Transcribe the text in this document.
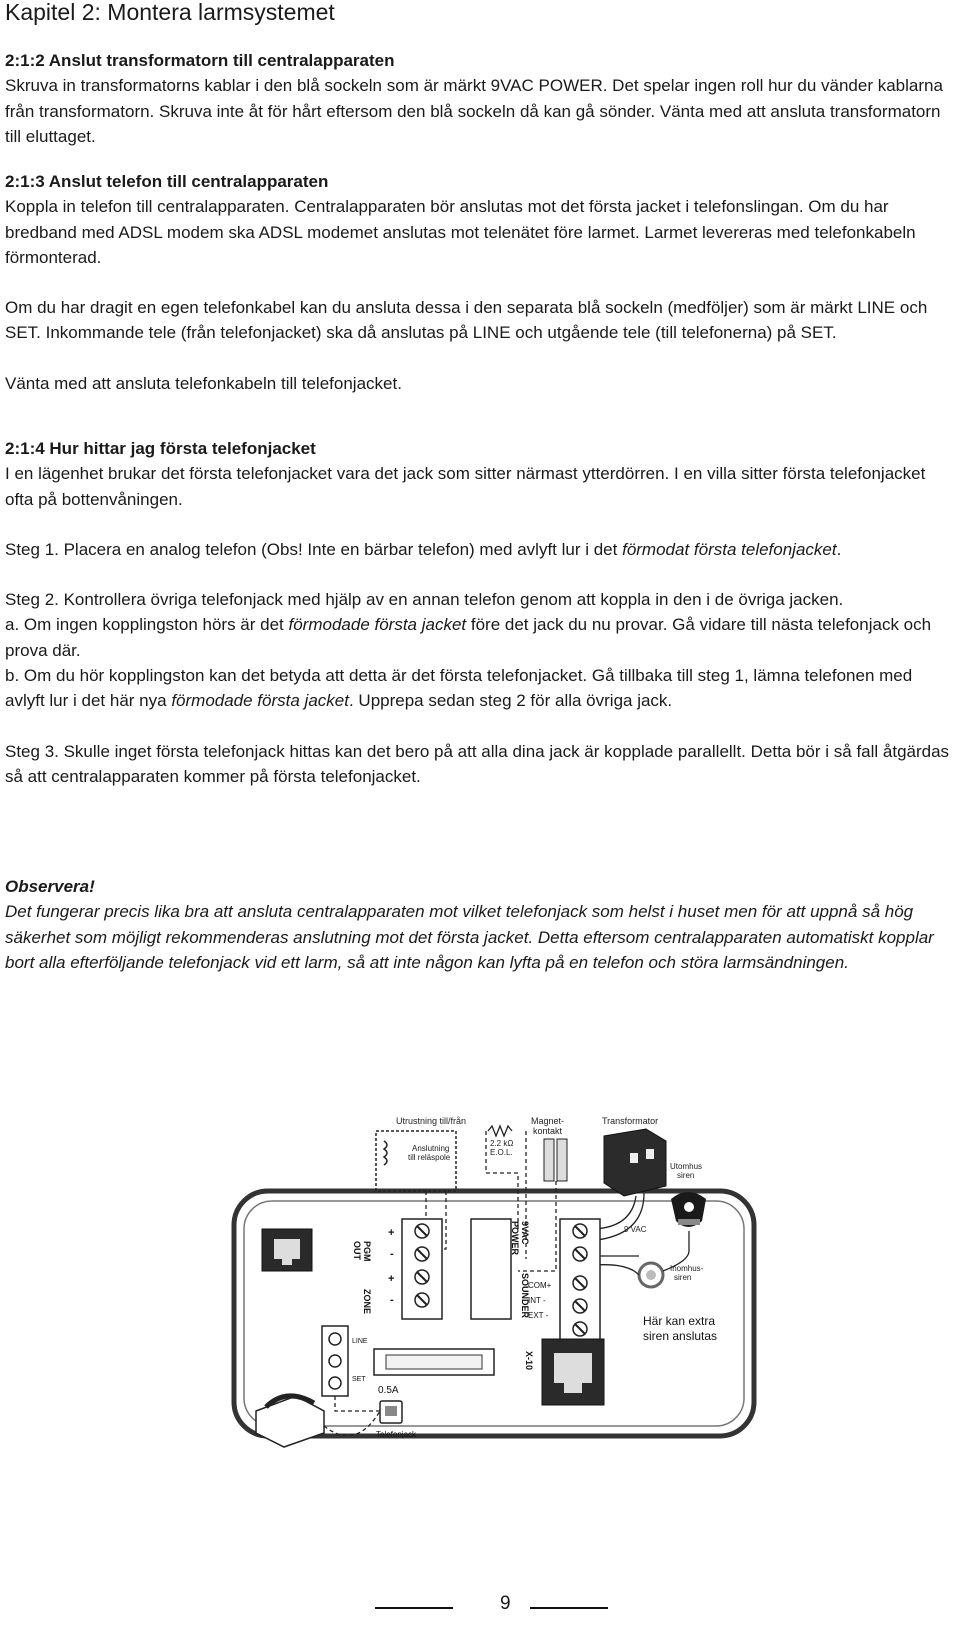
Kapitel 2: Montera larmsystemet
2:1:2 Anslut transformatorn till centralapparaten

Skruva in transformatorns kablar i den blå sockeln som är märkt 9VAC POWER. Det spelar ingen roll hur du vänder kablarna från transformatorn. Skruva inte åt för hårt eftersom den blå sockeln då kan gå sönder. Vänta med att ansluta transformatorn till eluttaget.

2:1:3 Anslut telefon till centralapparaten

Koppla in telefon till centralapparaten. Centralapparaten bör anslutas mot det första jacket i telefonslingan. Om du har bredband med ADSL modem ska ADSL modemet anslutas mot telenätet före larmet. Larmet levereras med telefonkabeln förmonterad.

Om du har dragit en egen telefonkabel kan du ansluta dessa i den separata blå sockeln (medföljer) som är märkt LINE och SET. Inkommande tele (från telefonjacket) ska då anslutas på LINE och utgående tele (till telefonerna) på SET.

Vänta med att ansluta telefonkabeln till telefonjacket.

2:1:4 Hur hittar jag första telefonjacket

I en lägenhet brukar det första telefonjacket vara det jack som sitter närmast ytterdörren. I en villa sitter första telefonjacket ofta på bottenvåningen.

Steg 1. Placera en analog telefon (Obs! Inte en bärbar telefon) med avlyft lur i det förmodat första telefonjacket.

Steg 2. Kontrollera övriga telefonjack med hjälp av en annan telefon genom att koppla in den i de övriga jacken.

a. Om ingen kopplingston hörs är det förmodade första jacket före det jack du nu provar. Gå vidare till nästa telefonjack och prova där.

b. Om du hör kopplingston kan det betyda att detta är det första telefonjacket. Gå tillbaka till steg 1, lämna telefonen med avlyft lur i det här nya förmodade första jacket. Upprepa sedan steg 2 för alla övriga jack.

Steg 3. Skulle inget första telefonjack hittas kan det bero på att alla dina jack är kopplade parallellt. Detta bör i så fall åtgärdas så att centralapparaten kommer på första telefonjacket.

Observera!

Det fungerar precis lika bra att ansluta centralapparaten mot vilket telefonjack som helst i huset men för att uppnå så hög säkerhet som möjligt rekommenderas anslutning mot det första jacket. Detta eftersom centralapparaten automatiskt kopplar bort alla efterföljande telefonjack vid ett larm, så att inte någon kan lyfta på en telefon och störa larmsändningen.

Utrustning till/från	Magnet-
kontakt
Transformator
Anslutning
till reläspole
2.2 kΩ
E.O.L.
9 VAC
Utomhus
siren
Inomhus-
siren
Här kan extra
siren anslutas
PGM
OUT
ZONE
+
-
+
-
9VAC
POWER
SOUNDER
COM+
INT -
EXT -
LINE
SET
0.5A
X-10
Telefonjack
9
